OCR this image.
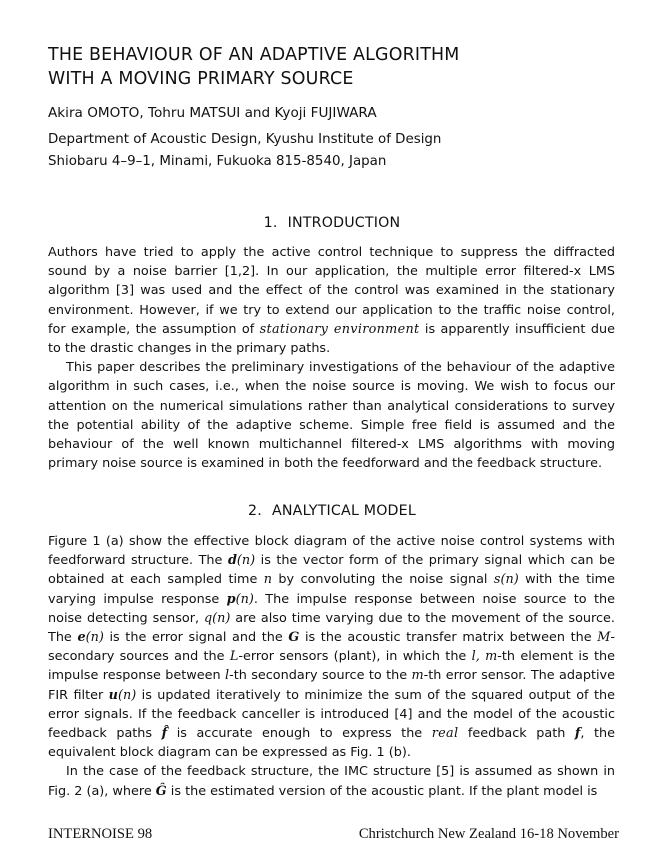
THE BEHAVIOUR OF AN ADAPTIVE ALGORITHM
WITH A MOVING PRIMARY SOURCE
Akira OMOTO, Tohru MATSUI and Kyoji FUJIWARA
Department of Acoustic Design, Kyushu Institute of Design
Shiobaru 4–9–1, Minami, Fukuoka 815-8540, Japan
1. INTRODUCTION

Authors have tried to apply the active control technique to suppress the diffracted sound by a noise barrier [1,2]. In our application, the multiple error filtered-x LMS algorithm [3] was used and the effect of the control was examined in the stationary environment. However, if we try to extend our application to the traffic noise control, for example, the assumption of stationary environment is apparently insufficient due to the drastic changes in the primary paths.

This paper describes the preliminary investigations of the behaviour of the adaptive algorithm in such cases, i.e., when the noise source is moving. We wish to focus our attention on the numerical simulations rather than analytical considerations to survey the potential ability of the adaptive scheme. Simple free field is assumed and the behaviour of the well known multichannel filtered-x LMS algorithms with moving primary noise source is examined in both the feedforward and the feedback structure.

2. ANALYTICAL MODEL

Figure 1 (a) show the effective block diagram of the active noise control systems with feedforward structure. The d(n) is the vector form of the primary signal which can be obtained at each sampled time n by convoluting the noise signal s(n) with the time varying impulse response p(n). The impulse response between noise source to the noise detecting sensor, q(n) are also time varying due to the movement of the source. The e(n) is the error signal and the G is the acoustic transfer matrix between the M-secondary sources and the L-error sensors (plant), in which the l, m-th element is the impulse response between l-th secondary source to the m-th error sensor. The adaptive FIR filter u(n) is updated iteratively to minimize the sum of the squared output of the error signals. If the feedback canceller is introduced [4] and the model of the acoustic feedback paths f̂ is accurate enough to express the real feedback path f, the equivalent block diagram can be expressed as Fig. 1 (b).

In the case of the feedback structure, the IMC structure [5] is assumed as shown in Fig. 2 (a), where Ĝ is the estimated version of the acoustic plant. If the plant model is

INTERNOISE 98	Christchurch New Zealand 16-18 November
